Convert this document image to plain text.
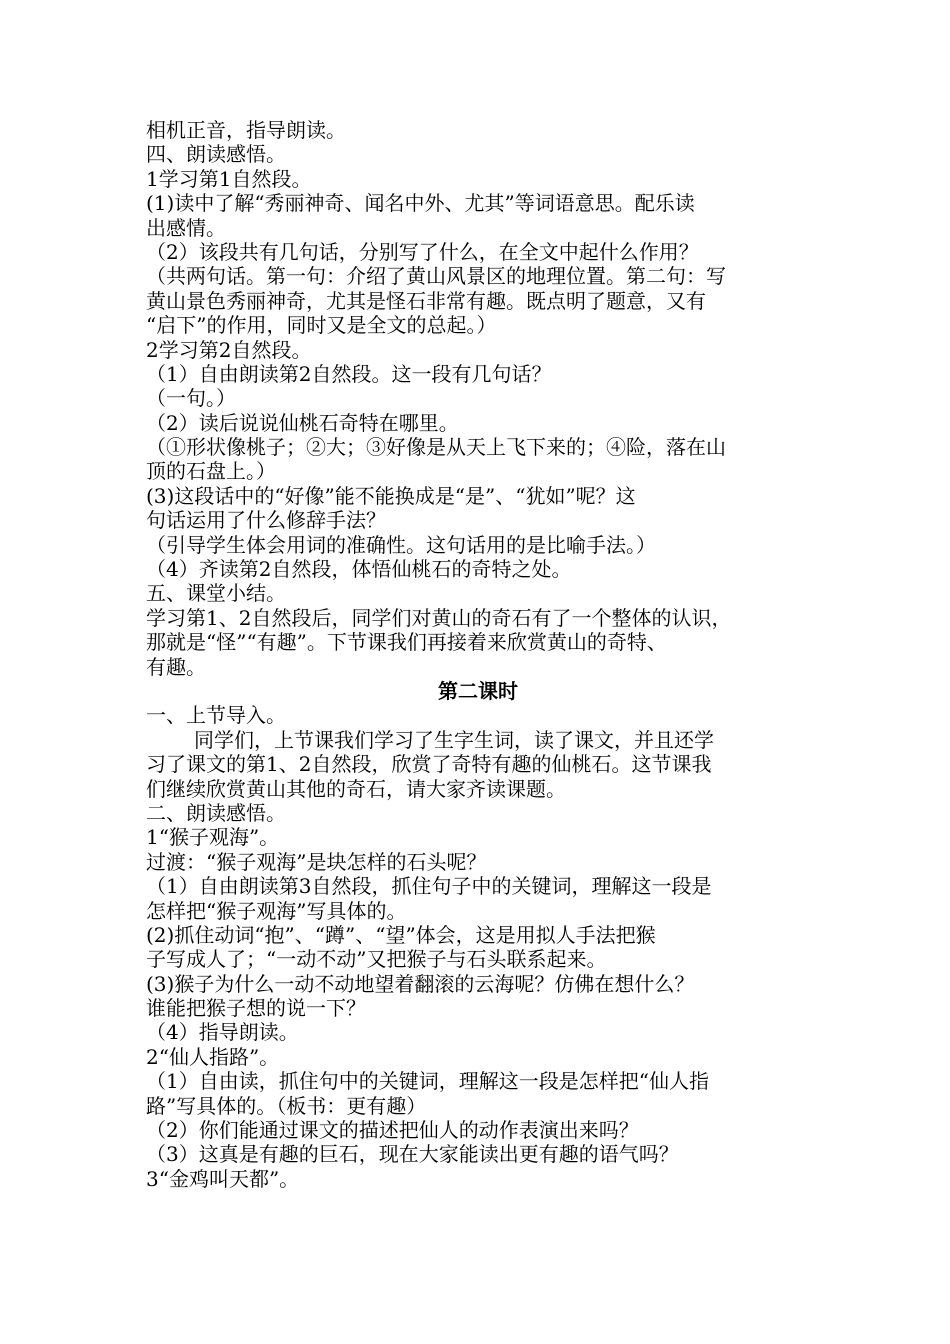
相机正音，指导朗读。
四、朗读感悟。
1学习第1自然段。
(1)读中了解“秀丽神奇、闻名中外、尤其”等词语意思。配乐读
出感情。
（2）该段共有几句话，分别写了什么，在全文中起什么作用？
（共两句话。第一句：介绍了黄山风景区的地理位置。第二句：写
黄山景色秀丽神奇，尤其是怪石非常有趣。既点明了题意，又有
“启下”的作用，同时又是全文的总起。）
2学习第2自然段。
（1）自由朗读第2自然段。这一段有几句话？
（一句。）
（2）读后说说仙桃石奇特在哪里。
（①形状像桃子；②大；③好像是从天上飞下来的；④险，落在山
顶的石盘上。）
(3)这段话中的“好像”能不能换成是“是”、“犹如”呢？这
句话运用了什么修辞手法？
（引导学生体会用词的准确性。这句话用的是比喻手法。）
（4）齐读第2自然段，体悟仙桃石的奇特之处。
五、课堂小结。
学习第1、2自然段后，同学们对黄山的奇石有了一个整体的认识，
那就是“怪”“有趣”。下节课我们再接着来欣赏黄山的奇特、
有趣。
第二课时
一、上节导入。
同学们，上节课我们学习了生字生词，读了课文，并且还学
习了课文的第1、2自然段，欣赏了奇特有趣的仙桃石。这节课我
们继续欣赏黄山其他的奇石，请大家齐读课题。
二、朗读感悟。
1“猴子观海”。
过渡：“猴子观海”是块怎样的石头呢？
（1）自由朗读第3自然段，抓住句子中的关键词，理解这一段是
怎样把“猴子观海”写具体的。
(2)抓住动词“抱”、“蹲”、“望”体会，这是用拟人手法把猴
子写成人了；“一动不动”又把猴子与石头联系起来。
(3)猴子为什么一动不动地望着翻滚的云海呢？仿佛在想什么？
谁能把猴子想的说一下？
（4）指导朗读。
2“仙人指路”。
（1）自由读，抓住句中的关键词，理解这一段是怎样把“仙人指
路”写具体的。（板书：更有趣）
（2）你们能通过课文的描述把仙人的动作表演出来吗？
（3）这真是有趣的巨石，现在大家能读出更有趣的语气吗？
3“金鸡叫天都”。
